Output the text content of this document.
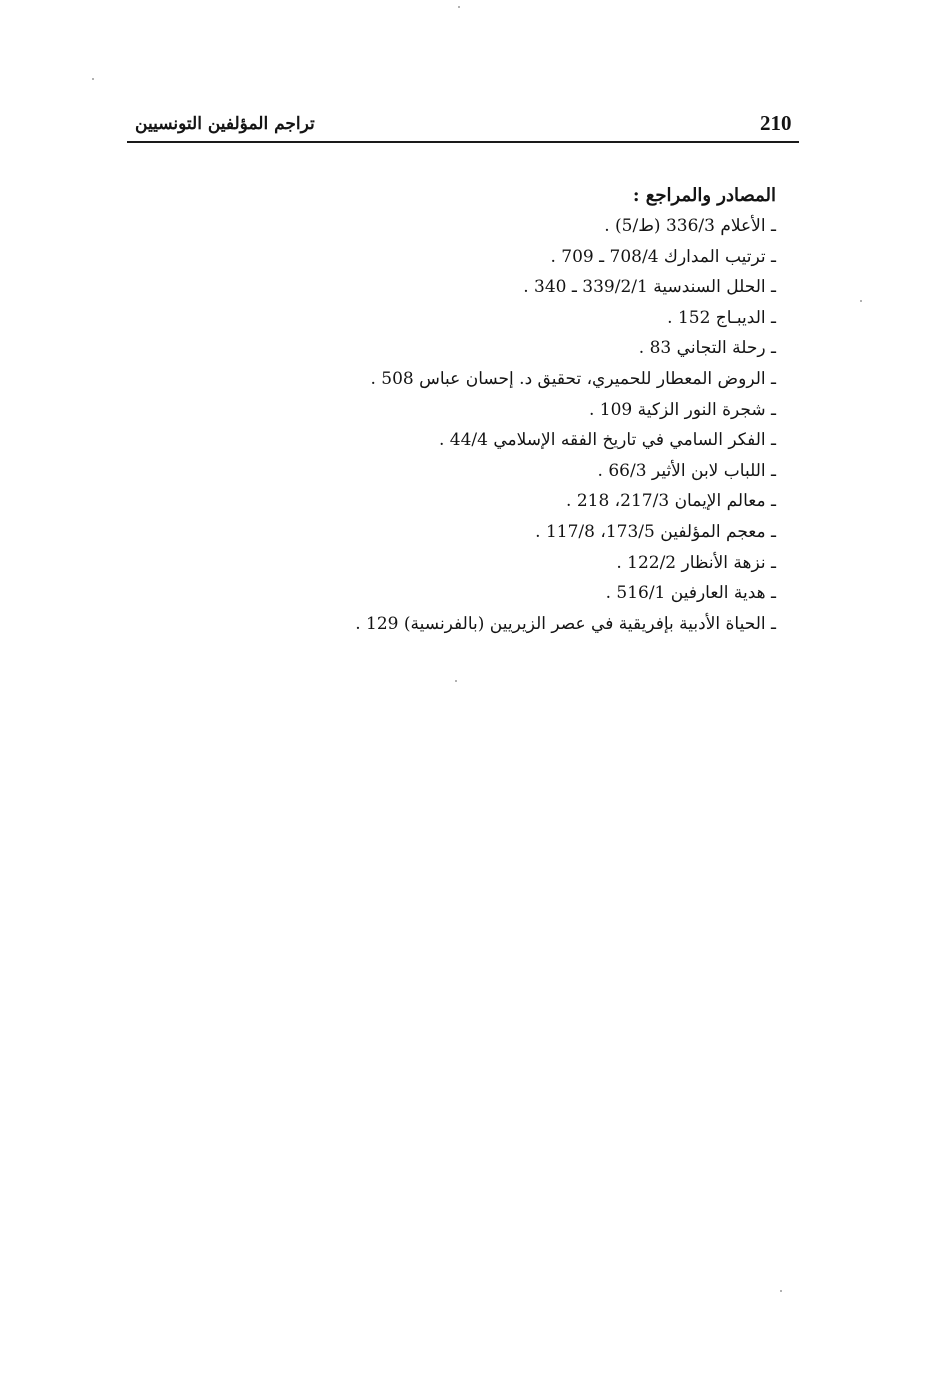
210
تراجم المؤلفين التونسيين
المصادر والمراجع :
ـ الأعلام 336/3 (ط/5) .
ـ ترتيب المدارك 708/4 ـ 709 .
ـ الحلل السندسية 339/2/1 ـ 340 .
ـ الديبـاج 152 .
ـ رحلة التجاني 83 .
ـ الروض المعطار للحميري، تحقيق د. إحسان عباس 508 .
ـ شجرة النور الزكية 109 .
ـ الفكر السامي في تاريخ الفقه الإسلامي 44/4 .
ـ اللباب لابن الأثير 66/3 .
ـ معالم الإيمان 217/3، 218 .
ـ معجم المؤلفين 173/5، 117/8 .
ـ نزهة الأنظار 122/2 .
ـ هدية العارفين 516/1 .
ـ الحياة الأدبية بإفريقية في عصر الزيريين (بالفرنسية) 129 .
